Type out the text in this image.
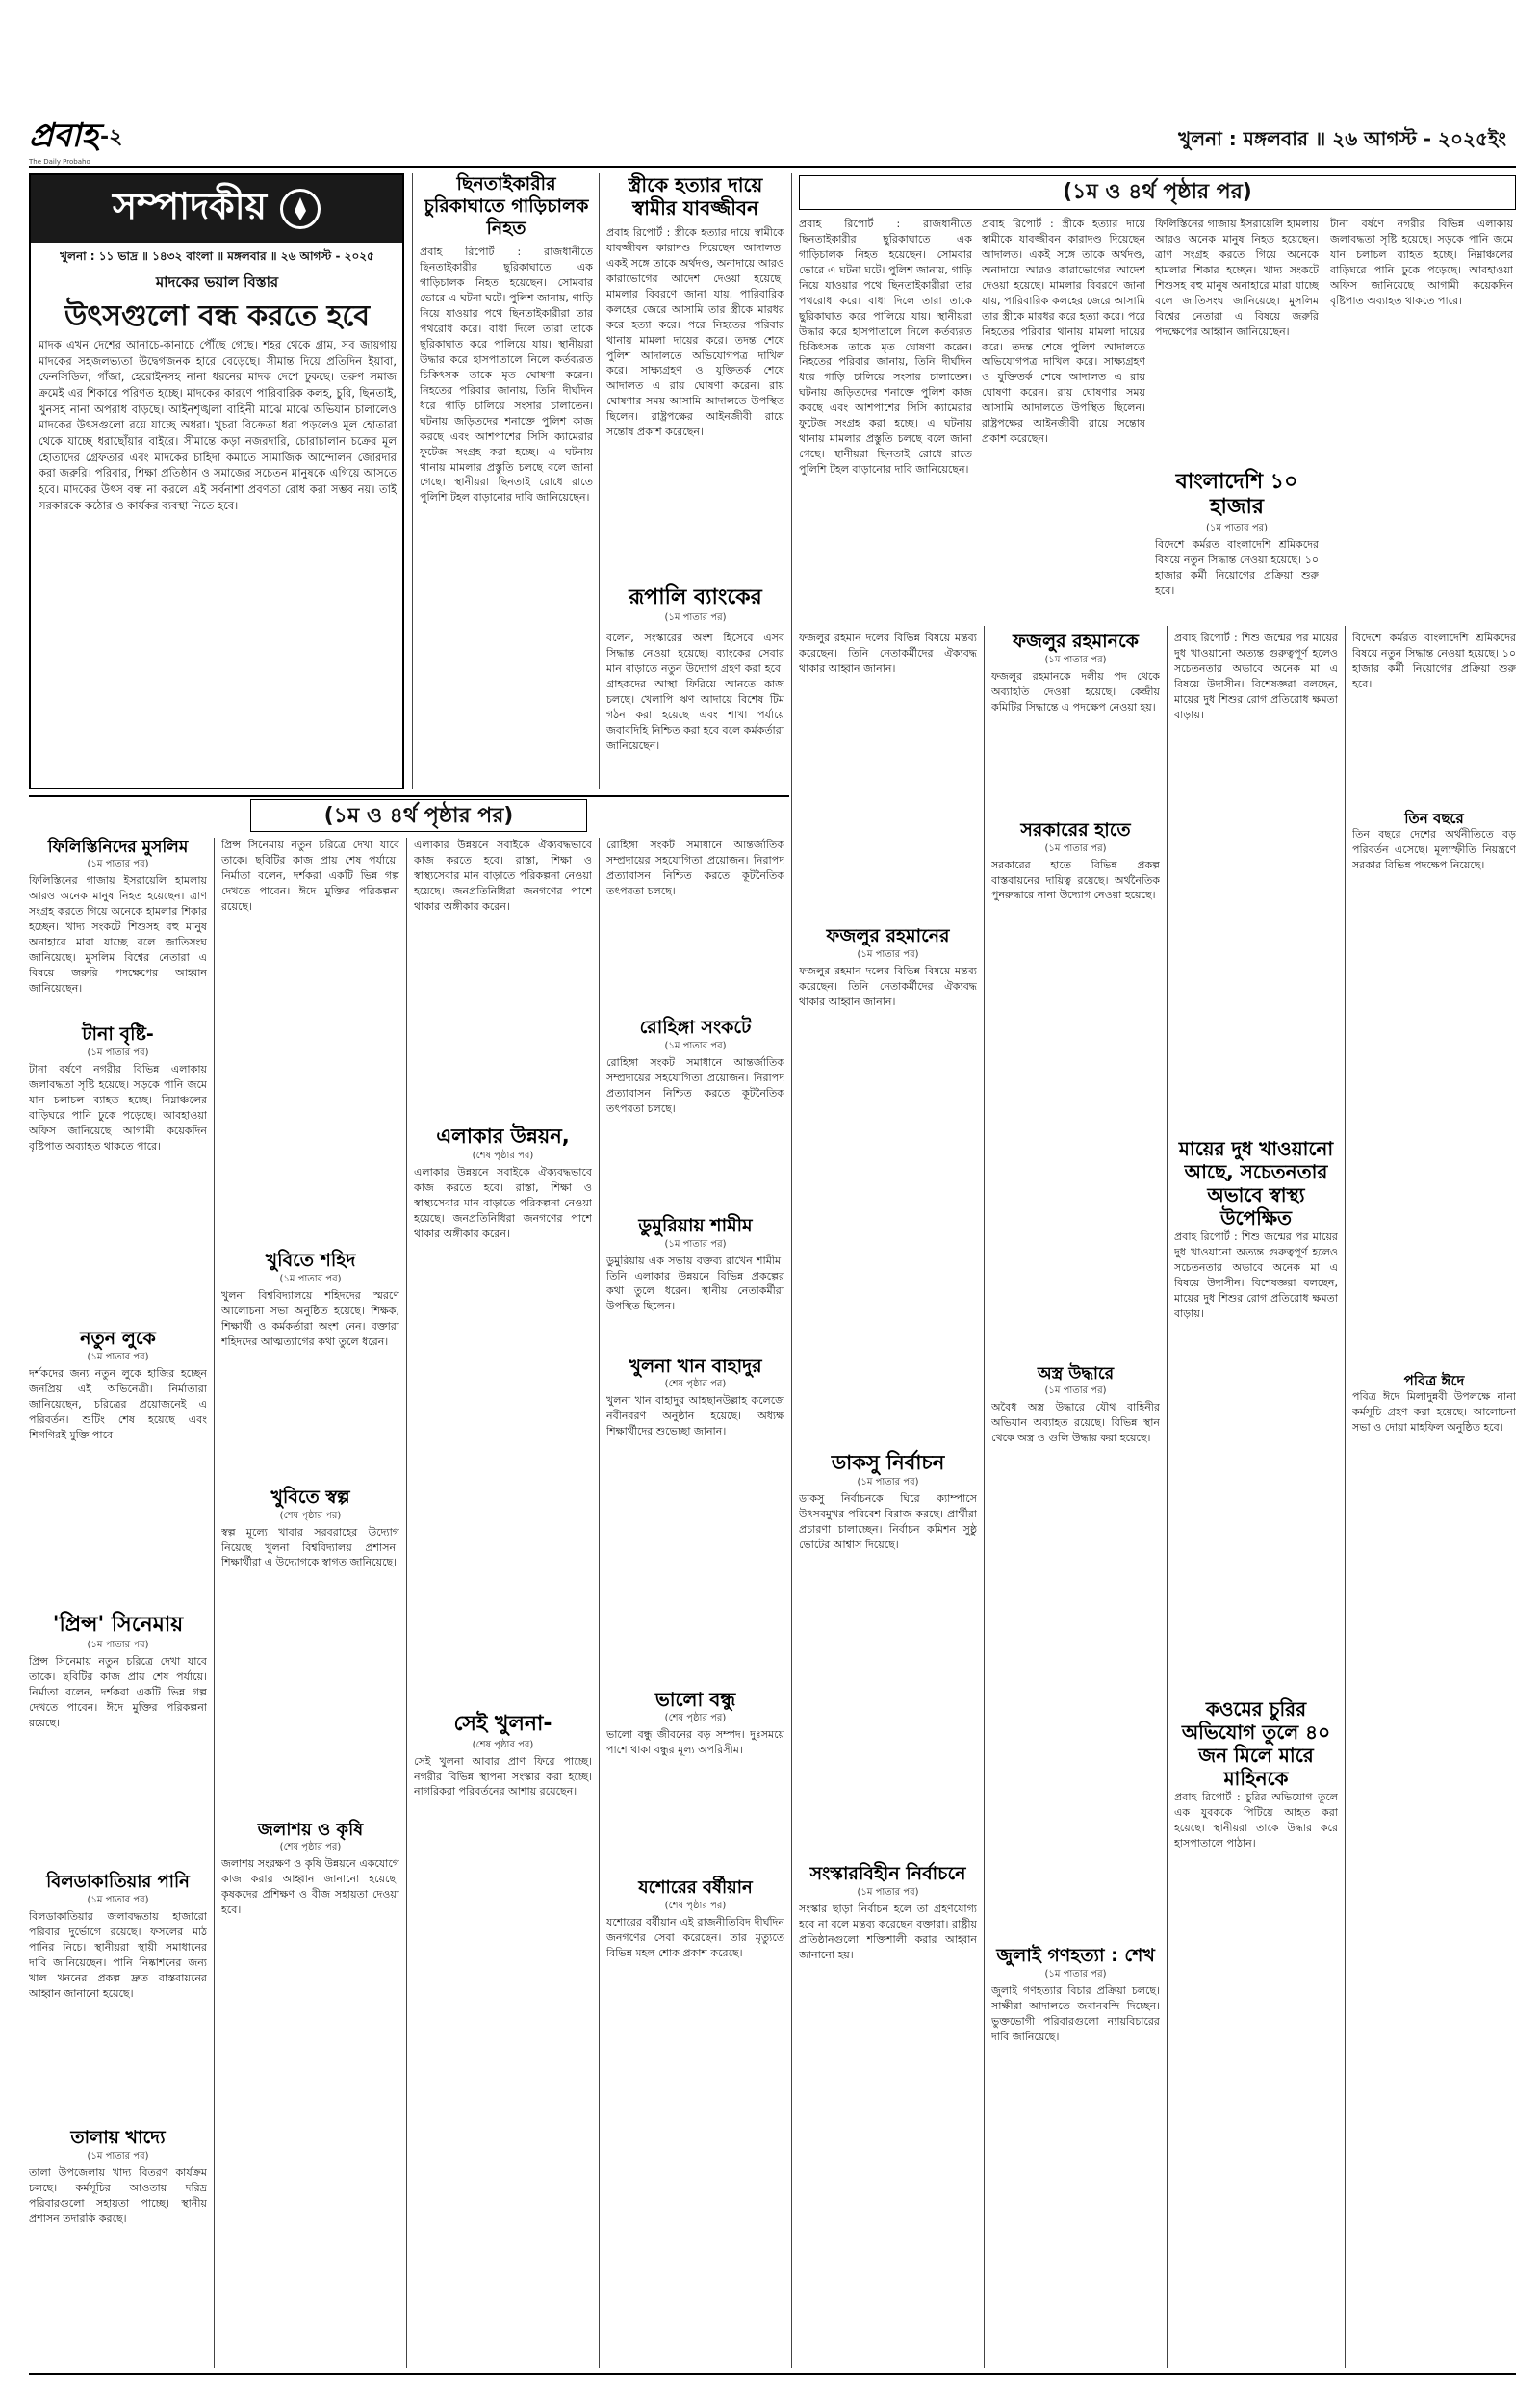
প্রবাহ -২
The Daily Probaho
খুলনা : মঙ্গলবার ॥ ২৬ আগস্ট - ২০২৫ইং
সম্পাদকীয়
খুলনা : ১১ ভাদ্র ॥ ১৪৩২ বাংলা ॥ মঙ্গলবার ॥ ২৬ আগস্ট - ২০২৫
মাদকের ভয়াল বিস্তার
উৎসগুলো বন্ধ করতে হবে
মাদক এখন দেশের আনাচে-কানাচে পৌঁছে গেছে। শহর থেকে গ্রাম, সব জায়গায় মাদকের সহজলভ্যতা উদ্বেগজনক হারে বেড়েছে। সীমান্ত দিয়ে প্রতিদিন ইয়াবা, ফেনসিডিল, গাঁজা, হেরোইনসহ নানা ধরনের মাদক দেশে ঢুকছে। তরুণ সমাজ ক্রমেই এর শিকারে পরিণত হচ্ছে। মাদকের কারণে পারিবারিক কলহ, চুরি, ছিনতাই, খুনসহ নানা অপরাধ বাড়ছে। আইনশৃঙ্খলা বাহিনী মাঝে মাঝে অভিযান চালালেও মাদকের উৎসগুলো রয়ে যাচ্ছে অধরা। খুচরা বিক্রেতা ধরা পড়লেও মূল হোতারা থেকে যাচ্ছে ধরাছোঁয়ার বাইরে। সীমান্তে কড়া নজরদারি, চোরাচালান চক্রের মূল হোতাদের গ্রেফতার এবং মাদকের চাহিদা কমাতে সামাজিক আন্দোলন জোরদার করা জরুরি। পরিবার, শিক্ষা প্রতিষ্ঠান ও সমাজের সচেতন মানুষকে এগিয়ে আসতে হবে। মাদকের উৎস বন্ধ না করলে এই সর্বনাশা প্রবণতা রোধ করা সম্ভব নয়। তাই সরকারকে কঠোর ও কার্যকর ব্যবস্থা নিতে হবে।
ছিনতাইকারীর চুরিকাঘাতে গাড়িচালক নিহত
প্রবাহ রিপোর্ট : রাজধানীতে ছিনতাইকারীর ছুরিকাঘাতে এক গাড়িচালক নিহত হয়েছেন। সোমবার ভোরে এ ঘটনা ঘটে। পুলিশ জানায়, গাড়ি নিয়ে যাওয়ার পথে ছিনতাইকারীরা তার পথরোধ করে। বাধা দিলে তারা তাকে ছুরিকাঘাত করে পালিয়ে যায়। স্থানীয়রা উদ্ধার করে হাসপাতালে নিলে কর্তব্যরত চিকিৎসক তাকে মৃত ঘোষণা করেন। নিহতের পরিবার জানায়, তিনি দীর্ঘদিন ধরে গাড়ি চালিয়ে সংসার চালাতেন। ঘটনায় জড়িতদের শনাক্তে পুলিশ কাজ করছে এবং আশপাশের সিসি ক্যামেরার ফুটেজ সংগ্রহ করা হচ্ছে। এ ঘটনায় থানায় মামলার প্রস্তুতি চলছে বলে জানা গেছে। স্থানীয়রা ছিনতাই রোধে রাতে পুলিশি টহল বাড়ানোর দাবি জানিয়েছেন।
স্ত্রীকে হত্যার দায়ে স্বামীর যাবজ্জীবন
প্রবাহ রিপোর্ট : স্ত্রীকে হত্যার দায়ে স্বামীকে যাবজ্জীবন কারাদণ্ড দিয়েছেন আদালত। একই সঙ্গে তাকে অর্থদণ্ড, অনাদায়ে আরও কারাভোগের আদেশ দেওয়া হয়েছে। মামলার বিবরণে জানা যায়, পারিবারিক কলহের জেরে আসামি তার স্ত্রীকে মারধর করে হত্যা করে। পরে নিহতের পরিবার থানায় মামলা দায়ের করে। তদন্ত শেষে পুলিশ আদালতে অভিযোগপত্র দাখিল করে। সাক্ষ্যগ্রহণ ও যুক্তিতর্ক শেষে আদালত এ রায় ঘোষণা করেন। রায় ঘোষণার সময় আসামি আদালতে উপস্থিত ছিলেন। রাষ্ট্রপক্ষের আইনজীবী রায়ে সন্তোষ প্রকাশ করেছেন।
রূপালি ব্যাংকের
(১ম পাতার পর)
বলেন, সংস্কারের অংশ হিসেবে এসব সিদ্ধান্ত নেওয়া হয়েছে। ব্যাংকের সেবার মান বাড়াতে নতুন উদ্যোগ গ্রহণ করা হবে। গ্রাহকদের আস্থা ফিরিয়ে আনতে কাজ চলছে। খেলাপি ঋণ আদায়ে বিশেষ টিম গঠন করা হয়েছে এবং শাখা পর্যায়ে জবাবদিহি নিশ্চিত করা হবে বলে কর্মকর্তারা জানিয়েছেন।
(১ম ও ৪র্থ পৃষ্ঠার পর)
প্রবাহ রিপোর্ট : রাজধানীতে ছিনতাইকারীর ছুরিকাঘাতে এক গাড়িচালক নিহত হয়েছেন। সোমবার ভোরে এ ঘটনা ঘটে। পুলিশ জানায়, গাড়ি নিয়ে যাওয়ার পথে ছিনতাইকারীরা তার পথরোধ করে। বাধা দিলে তারা তাকে ছুরিকাঘাত করে পালিয়ে যায়। স্থানীয়রা উদ্ধার করে হাসপাতালে নিলে কর্তব্যরত চিকিৎসক তাকে মৃত ঘোষণা করেন। নিহতের পরিবার জানায়, তিনি দীর্ঘদিন ধরে গাড়ি চালিয়ে সংসার চালাতেন। ঘটনায় জড়িতদের শনাক্তে পুলিশ কাজ করছে এবং আশপাশের সিসি ক্যামেরার ফুটেজ সংগ্রহ করা হচ্ছে। এ ঘটনায় থানায় মামলার প্রস্তুতি চলছে বলে জানা গেছে। স্থানীয়রা ছিনতাই রোধে রাতে পুলিশি টহল বাড়ানোর দাবি জানিয়েছেন।
প্রবাহ রিপোর্ট : স্ত্রীকে হত্যার দায়ে স্বামীকে যাবজ্জীবন কারাদণ্ড দিয়েছেন আদালত। একই সঙ্গে তাকে অর্থদণ্ড, অনাদায়ে আরও কারাভোগের আদেশ দেওয়া হয়েছে। মামলার বিবরণে জানা যায়, পারিবারিক কলহের জেরে আসামি তার স্ত্রীকে মারধর করে হত্যা করে। পরে নিহতের পরিবার থানায় মামলা দায়ের করে। তদন্ত শেষে পুলিশ আদালতে অভিযোগপত্র দাখিল করে। সাক্ষ্যগ্রহণ ও যুক্তিতর্ক শেষে আদালত এ রায় ঘোষণা করেন। রায় ঘোষণার সময় আসামি আদালতে উপস্থিত ছিলেন। রাষ্ট্রপক্ষের আইনজীবী রায়ে সন্তোষ প্রকাশ করেছেন।
ফিলিস্তিনের গাজায় ইসরায়েলি হামলায় আরও অনেক মানুষ নিহত হয়েছেন। ত্রাণ সংগ্রহ করতে গিয়ে অনেকে হামলার শিকার হচ্ছেন। খাদ্য সংকটে শিশুসহ বহু মানুষ অনাহারে মারা যাচ্ছে বলে জাতিসংঘ জানিয়েছে। মুসলিম বিশ্বের নেতারা এ বিষয়ে জরুরি পদক্ষেপের আহ্বান জানিয়েছেন।
বাংলাদেশি ১০ হাজার
(১ম পাতার পর)
বিদেশে কর্মরত বাংলাদেশি শ্রমিকদের বিষয়ে নতুন সিদ্ধান্ত নেওয়া হয়েছে। ১০ হাজার কর্মী নিয়োগের প্রক্রিয়া শুরু হবে।
টানা বর্ষণে নগরীর বিভিন্ন এলাকায় জলাবদ্ধতা সৃষ্টি হয়েছে। সড়কে পানি জমে যান চলাচল ব্যাহত হচ্ছে। নিম্নাঞ্চলের বাড়িঘরে পানি ঢুকে পড়েছে। আবহাওয়া অফিস জানিয়েছে আগামী কয়েকদিন বৃষ্টিপাত অব্যাহত থাকতে পারে।
(১ম ও ৪র্থ পৃষ্ঠার পর)
ফিলিস্তিনিদের মুসলিম
(১ম পাতার পর)
ফিলিস্তিনের গাজায় ইসরায়েলি হামলায় আরও অনেক মানুষ নিহত হয়েছেন। ত্রাণ সংগ্রহ করতে গিয়ে অনেকে হামলার শিকার হচ্ছেন। খাদ্য সংকটে শিশুসহ বহু মানুষ অনাহারে মারা যাচ্ছে বলে জাতিসংঘ জানিয়েছে। মুসলিম বিশ্বের নেতারা এ বিষয়ে জরুরি পদক্ষেপের আহ্বান জানিয়েছেন।
টানা বৃষ্টি-
(১ম পাতার পর)
টানা বর্ষণে নগরীর বিভিন্ন এলাকায় জলাবদ্ধতা সৃষ্টি হয়েছে। সড়কে পানি জমে যান চলাচল ব্যাহত হচ্ছে। নিম্নাঞ্চলের বাড়িঘরে পানি ঢুকে পড়েছে। আবহাওয়া অফিস জানিয়েছে আগামী কয়েকদিন বৃষ্টিপাত অব্যাহত থাকতে পারে।
নতুন লুকে
(১ম পাতার পর)
দর্শকদের জন্য নতুন লুকে হাজির হচ্ছেন জনপ্রিয় এই অভিনেত্রী। নির্মাতারা জানিয়েছেন, চরিত্রের প্রয়োজনেই এ পরিবর্তন। শুটিং শেষ হয়েছে এবং শিগগিরই মুক্তি পাবে।
'প্রিন্স' সিনেমায়
(১ম পাতার পর)
প্রিন্স সিনেমায় নতুন চরিত্রে দেখা যাবে তাকে। ছবিটির কাজ প্রায় শেষ পর্যায়ে। নির্মাতা বলেন, দর্শকরা একটি ভিন্ন গল্প দেখতে পাবেন। ঈদে মুক্তির পরিকল্পনা রয়েছে।
বিলডাকাতিয়ার পানি
(১ম পাতার পর)
বিলডাকাতিয়ার জলাবদ্ধতায় হাজারো পরিবার দুর্ভোগে রয়েছে। ফসলের মাঠ পানির নিচে। স্থানীয়রা স্থায়ী সমাধানের দাবি জানিয়েছেন। পানি নিষ্কাশনের জন্য খাল খননের প্রকল্প দ্রুত বাস্তবায়নের আহ্বান জানানো হয়েছে।
তালায় খাদ্যে
(১ম পাতার পর)
তালা উপজেলায় খাদ্য বিতরণ কার্যক্রম চলছে। কর্মসূচির আওতায় দরিদ্র পরিবারগুলো সহায়তা পাচ্ছে। স্থানীয় প্রশাসন তদারকি করছে।
প্রিন্স সিনেমায় নতুন চরিত্রে দেখা যাবে তাকে। ছবিটির কাজ প্রায় শেষ পর্যায়ে। নির্মাতা বলেন, দর্শকরা একটি ভিন্ন গল্প দেখতে পাবেন। ঈদে মুক্তির পরিকল্পনা রয়েছে।
খুবিতে শহিদ
(১ম পাতার পর)
খুলনা বিশ্ববিদ্যালয়ে শহিদদের স্মরণে আলোচনা সভা অনুষ্ঠিত হয়েছে। শিক্ষক, শিক্ষার্থী ও কর্মকর্তারা অংশ নেন। বক্তারা শহিদদের আত্মত্যাগের কথা তুলে ধরেন।
খুবিতে স্বল্প
(শেষ পৃষ্ঠার পর)
স্বল্প মূল্যে খাবার সরবরাহের উদ্যোগ নিয়েছে খুলনা বিশ্ববিদ্যালয় প্রশাসন। শিক্ষার্থীরা এ উদ্যোগকে স্বাগত জানিয়েছে।
জলাশয় ও কৃষি
(শেষ পৃষ্ঠার পর)
জলাশয় সংরক্ষণ ও কৃষি উন্নয়নে একযোগে কাজ করার আহ্বান জানানো হয়েছে। কৃষকদের প্রশিক্ষণ ও বীজ সহায়তা দেওয়া হবে।
এলাকার উন্নয়নে সবাইকে ঐক্যবদ্ধভাবে কাজ করতে হবে। রাস্তা, শিক্ষা ও স্বাস্থ্যসেবার মান বাড়াতে পরিকল্পনা নেওয়া হয়েছে। জনপ্রতিনিধিরা জনগণের পাশে থাকার অঙ্গীকার করেন।
এলাকার উন্নয়ন,
(শেষ পৃষ্ঠার পর)
এলাকার উন্নয়নে সবাইকে ঐক্যবদ্ধভাবে কাজ করতে হবে। রাস্তা, শিক্ষা ও স্বাস্থ্যসেবার মান বাড়াতে পরিকল্পনা নেওয়া হয়েছে। জনপ্রতিনিধিরা জনগণের পাশে থাকার অঙ্গীকার করেন।
সেই খুলনা-
(শেষ পৃষ্ঠার পর)
সেই খুলনা আবার প্রাণ ফিরে পাচ্ছে। নগরীর বিভিন্ন স্থাপনা সংস্কার করা হচ্ছে। নাগরিকরা পরিবর্তনের আশায় রয়েছেন।
রোহিঙ্গা সংকট সমাধানে আন্তর্জাতিক সম্প্রদায়ের সহযোগিতা প্রয়োজন। নিরাপদ প্রত্যাবাসন নিশ্চিত করতে কূটনৈতিক তৎপরতা চলছে।
রোহিঙ্গা সংকটে
(১ম পাতার পর)
রোহিঙ্গা সংকট সমাধানে আন্তর্জাতিক সম্প্রদায়ের সহযোগিতা প্রয়োজন। নিরাপদ প্রত্যাবাসন নিশ্চিত করতে কূটনৈতিক তৎপরতা চলছে।
ডুমুরিয়ায় শামীম
(১ম পাতার পর)
ডুমুরিয়ায় এক সভায় বক্তব্য রাখেন শামীম। তিনি এলাকার উন্নয়নে বিভিন্ন প্রকল্পের কথা তুলে ধরেন। স্থানীয় নেতাকর্মীরা উপস্থিত ছিলেন।
খুলনা খান বাহাদুর
(শেষ পৃষ্ঠার পর)
খুলনা খান বাহাদুর আহছানউল্লাহ কলেজে নবীনবরণ অনুষ্ঠান হয়েছে। অধ্যক্ষ শিক্ষার্থীদের শুভেচ্ছা জানান।
ভালো বন্ধু
(শেষ পৃষ্ঠার পর)
ভালো বন্ধু জীবনের বড় সম্পদ। দুঃসময়ে পাশে থাকা বন্ধুর মূল্য অপরিসীম।
যশোরের বর্ষীয়ান
(শেষ পৃষ্ঠার পর)
যশোরের বর্ষীয়ান এই রাজনীতিবিদ দীর্ঘদিন জনগণের সেবা করেছেন। তার মৃত্যুতে বিভিন্ন মহল শোক প্রকাশ করেছে।
ফজলুর রহমান দলের বিভিন্ন বিষয়ে মন্তব্য করেছেন। তিনি নেতাকর্মীদের ঐক্যবদ্ধ থাকার আহ্বান জানান।
ফজলুর রহমানের
(১ম পাতার পর)
ফজলুর রহমান দলের বিভিন্ন বিষয়ে মন্তব্য করেছেন। তিনি নেতাকর্মীদের ঐক্যবদ্ধ থাকার আহ্বান জানান।
ডাকসু নির্বাচন
(১ম পাতার পর)
ডাকসু নির্বাচনকে ঘিরে ক্যাম্পাসে উৎসবমুখর পরিবেশ বিরাজ করছে। প্রার্থীরা প্রচারণা চালাচ্ছেন। নির্বাচন কমিশন সুষ্ঠু ভোটের আশ্বাস দিয়েছে।
সংস্কারবিহীন নির্বাচনে
(১ম পাতার পর)
সংস্কার ছাড়া নির্বাচন হলে তা গ্রহণযোগ্য হবে না বলে মন্তব্য করেছেন বক্তারা। রাষ্ট্রীয় প্রতিষ্ঠানগুলো শক্তিশালী করার আহ্বান জানানো হয়।
ফজলুর রহমানকে
(১ম পাতার পর)
ফজলুর রহমানকে দলীয় পদ থেকে অব্যাহতি দেওয়া হয়েছে। কেন্দ্রীয় কমিটির সিদ্ধান্তে এ পদক্ষেপ নেওয়া হয়।
সরকারের হাতে
(১ম পাতার পর)
সরকারের হাতে বিভিন্ন প্রকল্প বাস্তবায়নের দায়িত্ব রয়েছে। অর্থনৈতিক পুনরুদ্ধারে নানা উদ্যোগ নেওয়া হয়েছে।
অস্ত্র উদ্ধারে
(১ম পাতার পর)
অবৈধ অস্ত্র উদ্ধারে যৌথ বাহিনীর অভিযান অব্যাহত রয়েছে। বিভিন্ন স্থান থেকে অস্ত্র ও গুলি উদ্ধার করা হয়েছে।
জুলাই গণহত্যা : শেখ
(১ম পাতার পর)
জুলাই গণহত্যার বিচার প্রক্রিয়া চলছে। সাক্ষীরা আদালতে জবানবন্দি দিচ্ছেন। ভুক্তভোগী পরিবারগুলো ন্যায়বিচারের দাবি জানিয়েছে।
প্রবাহ রিপোর্ট : শিশু জন্মের পর মায়ের দুধ খাওয়ানো অত্যন্ত গুরুত্বপূর্ণ হলেও সচেতনতার অভাবে অনেক মা এ বিষয়ে উদাসীন। বিশেষজ্ঞরা বলছেন, মায়ের দুধ শিশুর রোগ প্রতিরোধ ক্ষমতা বাড়ায়।
মায়ের দুধ খাওয়ানো আছে, সচেতনতার অভাবে স্বাস্থ্য উপেক্ষিত
প্রবাহ রিপোর্ট : শিশু জন্মের পর মায়ের দুধ খাওয়ানো অত্যন্ত গুরুত্বপূর্ণ হলেও সচেতনতার অভাবে অনেক মা এ বিষয়ে উদাসীন। বিশেষজ্ঞরা বলছেন, মায়ের দুধ শিশুর রোগ প্রতিরোধ ক্ষমতা বাড়ায়।
কওমের চুরির অভিযোগ তুলে ৪০ জন মিলে মারে মাহিনকে
প্রবাহ রিপোর্ট : চুরির অভিযোগ তুলে এক যুবককে পিটিয়ে আহত করা হয়েছে। স্থানীয়রা তাকে উদ্ধার করে হাসপাতালে পাঠান।
বিদেশে কর্মরত বাংলাদেশি শ্রমিকদের বিষয়ে নতুন সিদ্ধান্ত নেওয়া হয়েছে। ১০ হাজার কর্মী নিয়োগের প্রক্রিয়া শুরু হবে।
তিন বছরে
তিন বছরে দেশের অর্থনীতিতে বড় পরিবর্তন এসেছে। মূল্যস্ফীতি নিয়ন্ত্রণে সরকার বিভিন্ন পদক্ষেপ নিয়েছে।
পবিত্র ঈদে
পবিত্র ঈদে মিলাদুন্নবী উপলক্ষে নানা কর্মসূচি গ্রহণ করা হয়েছে। আলোচনা সভা ও দোয়া মাহফিল অনুষ্ঠিত হবে।
